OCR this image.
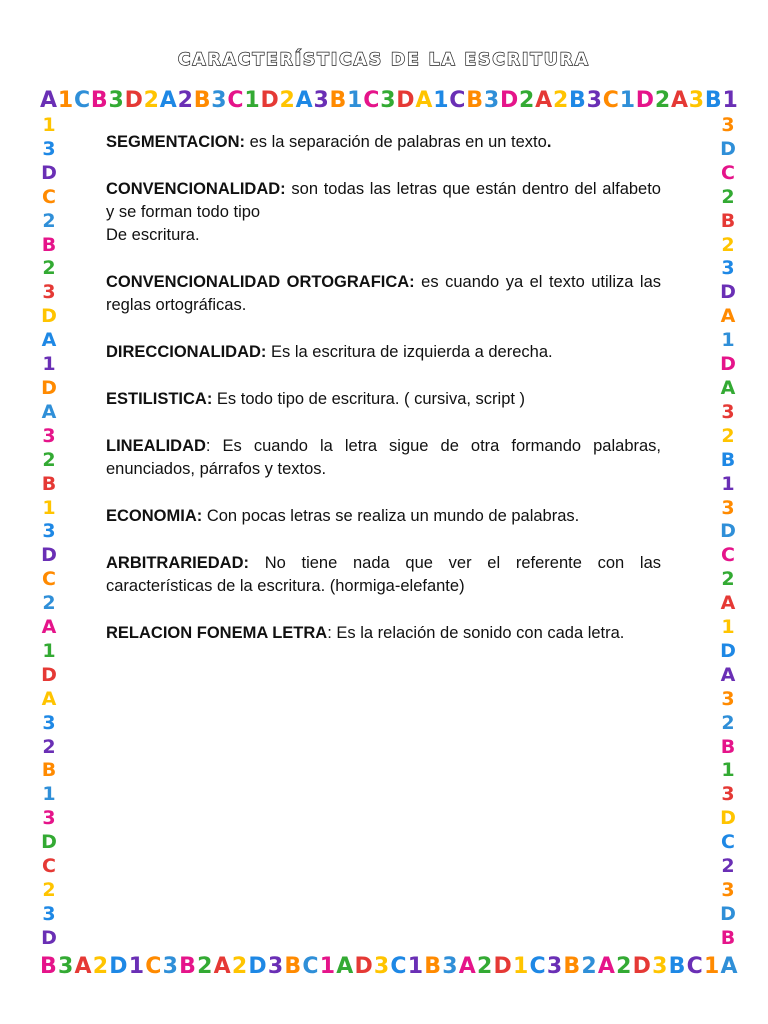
CARACTERÍSTICAS DE LA ESCRITURA
A 1 C B 3 D 2 A 2 B 3 C 1 D 2 A 3 B 1 C 3 D A 1 C B 3 D 2 A 2 B 3 C 1 D 2 A 3 B 1
1
3
D
C
2
B
2
3
D
A
1
D
A
3
2
B
1
3
D
C
2
A
1
D
A
3
2
B
1
3
D
C
2
3
D
3
D
C
2
B
2
3
D
A
1
D
A
3
2
B
1
3
D
C
2
A
1
D
A
3
2
B
1
3
D
C
2
3
D
B
B 3 A 2 D 1 C 3 B 2 A 2 D 3 B C 1 A D 3 C 1 B 3 A 2 D 1 C 3 B 2 A 2 D 3 B C 1 A

SEGMENTACION: es la separación de palabras en un texto.

CONVENCIONALIDAD: son todas las letras que están dentro del alfabeto y se forman todo tipo
De escritura.

CONVENCIONALIDAD ORTOGRAFICA: es cuando ya el texto utiliza las reglas ortográficas.

DIRECCIONALIDAD: Es la escritura de izquierda a derecha.

ESTILISTICA: Es todo tipo de escritura. ( cursiva, script )

LINEALIDAD: Es cuando la letra sigue de otra formando palabras, enunciados, párrafos y textos.

ECONOMIA: Con pocas letras se realiza un mundo de palabras.

ARBITRARIEDAD: No tiene nada que ver el referente con las características de la escritura. (hormiga-elefante)

RELACION FONEMA LETRA: Es la relación de sonido con cada letra.
